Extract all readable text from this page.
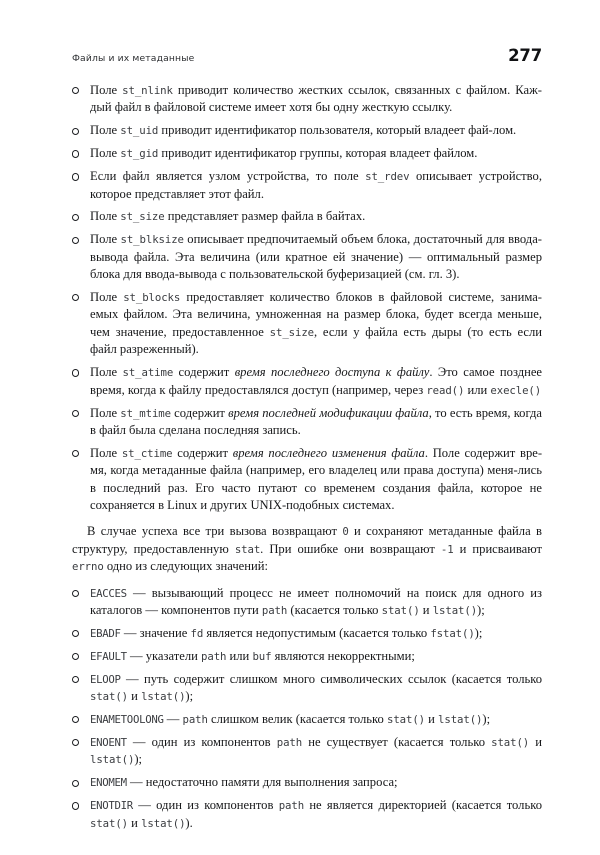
Файлы и их метаданные	277
Поле st_nlink приводит количество жестких ссылок, связанных с файлом. Каж-дый файл в файловой системе имеет хотя бы одну жесткую ссылку.
Поле st_uid приводит идентификатор пользователя, который владеет фай-лом.
Поле st_gid приводит идентификатор группы, которая владеет файлом.
Если файл является узлом устройства, то поле st_rdev описывает устройство, которое представляет этот файл.
Поле st_size представляет размер файла в байтах.
Поле st_blksize описывает предпочитаемый объем блока, достаточный для ввода-вывода файла. Эта величина (или кратное ей значение) — оптимальный размер блока для ввода-вывода с пользовательской буферизацией (см. гл. 3).
Поле st_blocks предоставляет количество блоков в файловой системе, занима-емых файлом. Эта величина, умноженная на размер блока, будет всегда меньше, чем значение, предоставленное st_size, если у файла есть дыры (то есть если файл разреженный).
Поле st_atime содержит время последнего доступа к файлу. Это самое позднее время, когда к файлу предоставлялся доступ (например, через read() или execle()
Поле st_mtime содержит время последней модификации файла, то есть время, когда в файл была сделана последняя запись.
Поле st_ctime содержит время последнего изменения файла. Поле содержит вре-мя, когда метаданные файла (например, его владелец или права доступа) меня-лись в последний раз. Его часто путают со временем создания файла, которое не сохраняется в Linux и других UNIX-подобных системах.

В случае успеха все три вызова возвращают 0 и сохраняют метаданные файла в структуру, предоставленную stat. При ошибке они возвращают -1 и присваивают errno одно из следующих значений:

EACCES — вызывающий процесс не имеет полномочий на поиск для одного из каталогов — компонентов пути path (касается только stat() и lstat());
EBADF — значение fd является недопустимым (касается только fstat());
EFAULT — указатели path или buf являются некорректными;
ELOOP — путь содержит слишком много символических ссылок (касается только stat() и lstat());
ENAMETOOLONG — path слишком велик (касается только stat() и lstat());
ENOENT — один из компонентов path не существует (касается только stat() и lstat());
ENOMEM — недостаточно памяти для выполнения запроса;
ENOTDIR — один из компонентов path не является директорией (касается только stat() и lstat()).
